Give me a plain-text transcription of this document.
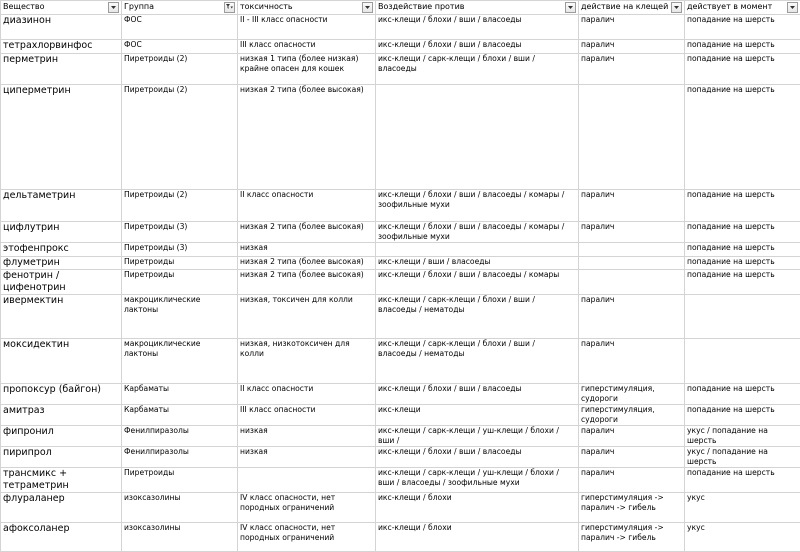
Вещество	Группа	токсичность	Воздействие против	действие на клещей	действует в момент

диазинон	ФОС	II - III класс опасности	икс-клещи / блохи / вши / власоеды	паралич	попадание на шерсть
тетрахлорвинфос	ФОС	III класс опасности	икс-клещи / блохи / вши / власоеды	паралич	попадание на шерсть
перметрин	Пиретроиды (2)	низкая 1 типа (более низкая) крайне опасен для кошек	икс-клещи / сарк-клещи / блохи / вши / власоеды	паралич	попадание на шерсть
циперметрин	Пиретроиды (2)	низкая 2 типа (более высокая)			попадание на шерсть
дельтаметрин	Пиретроиды (2)	II класс опасности	икс-клещи / блохи / вши / власоеды / комары / зоофильные мухи	паралич	попадание на шерсть
цифлутрин	Пиретроиды (3)	низкая 2 типа (более высокая)	икс-клещи / блохи / вши / власоеды / комары / зоофильные мухи	паралич	попадание на шерсть
этофенпрокс	Пиретроиды (3)	низкая			попадание на шерсть
флуметрин	Пиретроиды	низкая 2 типа (более высокая)	икс-клещи / вши / власоеды		попадание на шерсть
фенотрин / цифенотрин	Пиретроиды	низкая 2 типа (более высокая)	икс-клещи / блохи / вши / власоеды / комары		попадание на шерсть
ивермектин	макроциклические лактоны	низкая, токсичен для колли	икс-клещи / сарк-клещи / блохи / вши / власоеды / нематоды	паралич	
моксидектин	макроциклические лактоны	низкая, низкотоксичен для колли	икс-клещи / сарк-клещи / блохи / вши / власоеды / нематоды	паралич	
пропоксур (байгон)	Карбаматы	II класс опасности	икс-клещи / блохи / вши / власоеды	гиперстимуляция, судороги	попадание на шерсть
амитраз	Карбаматы	III класс опасности	икс-клещи	гиперстимуляция, судороги	попадание на шерсть
фипронил	Фенилпиразолы	низкая	икс-клещи / сарк-клещи / уш-клещи / блохи / вши /	паралич	укус / попадание на шерсть
пирипрол	Фенилпиразолы	низкая	икс-клещи / блохи / вши / власоеды	паралич	укус / попадание на шерсть
трансмикс + тетраметрин	Пиретроиды		икс-клещи / сарк-клещи / уш-клещи / блохи / вши / власоеды / зоофильные мухи	паралич	попадание на шерсть
флураланер	изоксазолины	IV класс опасности, нет породных ограничений	икс-клещи / блохи	гиперстимуляция -> паралич -> гибель	укус
афоксоланер	изоксазолины	IV класс опасности, нет породных ограничений	икс-клещи / блохи	гиперстимуляция -> паралич -> гибель	укус
